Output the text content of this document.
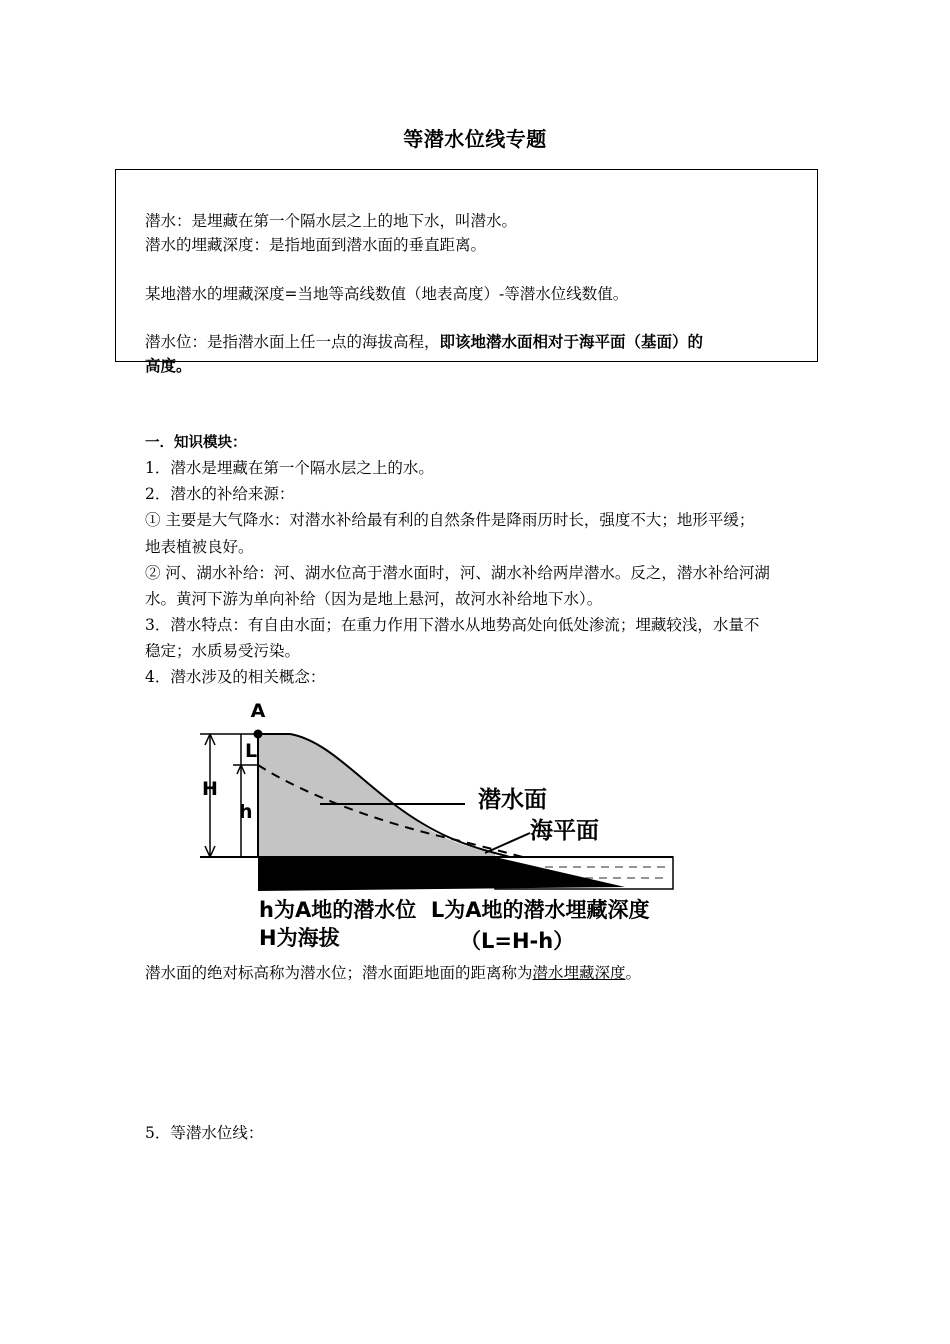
等潜水位线专题
潜水：是埋藏在第一个隔水层之上的地下水，叫潜水。
潜水的埋藏深度：是指地面到潜水面的垂直距离。
某地潜水的埋藏深度=当地等高线数值（地表高度）-等潜水位线数值。
潜水位：是指潜水面上任一点的海拔高程，即该地潜水面相对于海平面（基面）的
高度。
一．知识模块：
1．潜水是埋藏在第一个隔水层之上的水。
2．潜水的补给来源：
① 主要是大气降水：对潜水补给最有利的自然条件是降雨历时长，强度不大；地形平缓；
地表植被良好。
② 河、湖水补给：河、湖水位高于潜水面时，河、湖水补给两岸潜水。反之，潜水补给河湖
水。黄河下游为单向补给（因为是地上悬河，故河水补给地下水）。
3．潜水特点：有自由水面；在重力作用下潜水从地势高处向低处渗流；埋藏较浅，水量不
稳定；水质易受污染。
4．潜水涉及的相关概念：
A
L
H
h	潜水面
海平面
h为A地的潜水位  L为A地的潜水埋藏深度
H为海拔	（L=H-h）
潜水面的绝对标高称为潜水位；潜水面距地面的距离称为潜水埋藏深度。
5．等潜水位线：
